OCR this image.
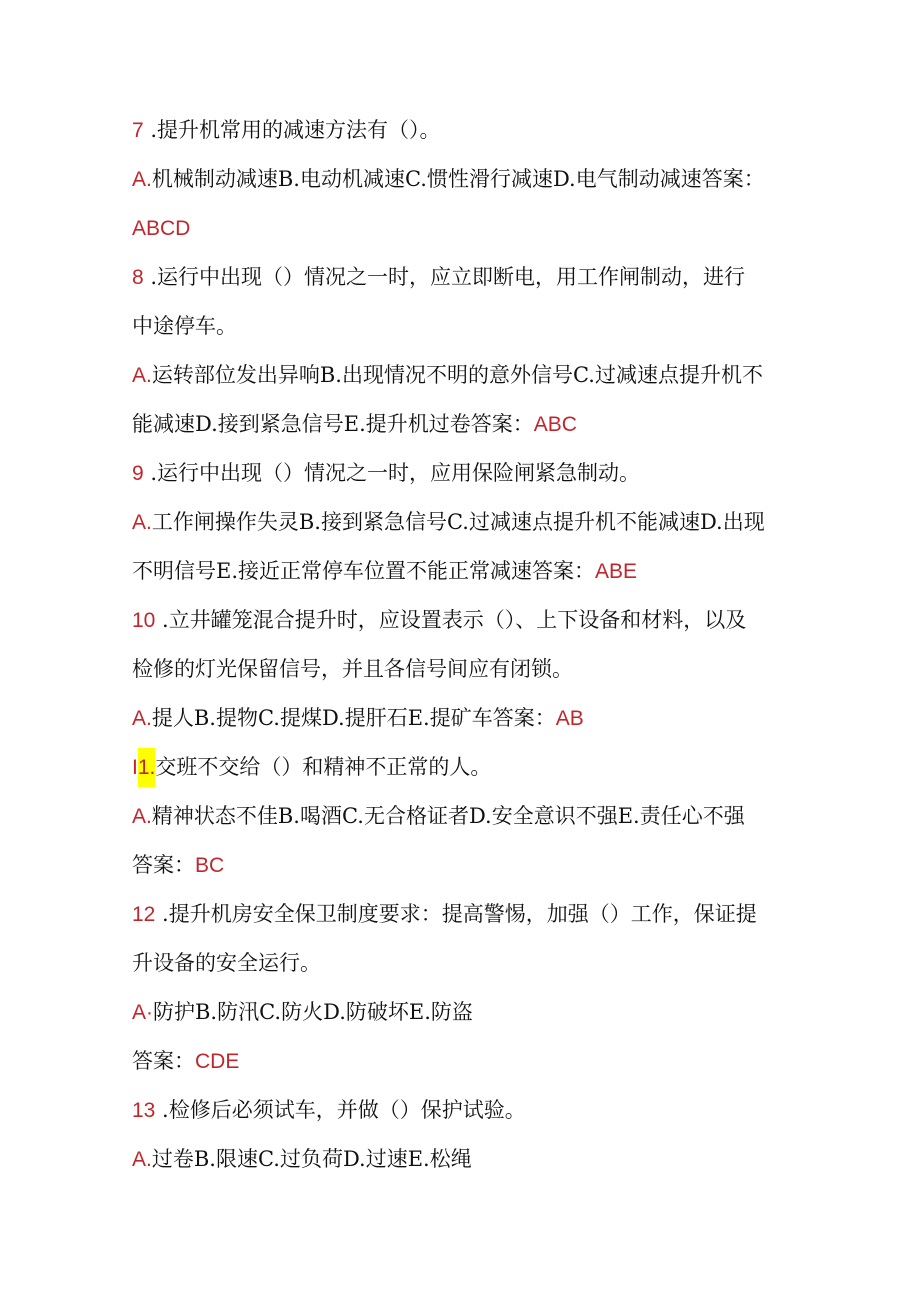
7 .提升机常用的减速方法有（）。
A.机械制动减速B.电动机减速C.惯性滑行减速D.电气制动减速答案：
ABCD
8 .运行中出现（）情况之一时，应立即断电，用工作闸制动，进行
中途停车。
A.运转部位发出异响B.出现情况不明的意外信号C.过减速点提升机不
能减速D.接到紧急信号E.提升机过卷答案：ABC
9 .运行中出现（）情况之一时，应用保险闸紧急制动。
A.工作闸操作失灵B.接到紧急信号C.过减速点提升机不能减速D.出现
不明信号E.接近正常停车位置不能正常减速答案：ABE
10 .立井罐笼混合提升时，应设置表示（）、上下设备和材料，以及
检修的灯光保留信号，并且各信号间应有闭锁。
A.提人B.提物C.提煤D.提肝石E.提矿车答案：AB
I1.交班不交给（）和精神不正常的人。
A.精神状态不佳B.喝酒C.无合格证者D.安全意识不强E.责任心不强
答案：BC
12 .提升机房安全保卫制度要求：提高警惕，加强（）工作，保证提
升设备的安全运行。
A·防护B.防汛C.防火D.防破坏E.防盗
答案：CDE
13 .检修后必须试车，并做（）保护试验。
A.过卷B.限速C.过负荷D.过速E.松绳
